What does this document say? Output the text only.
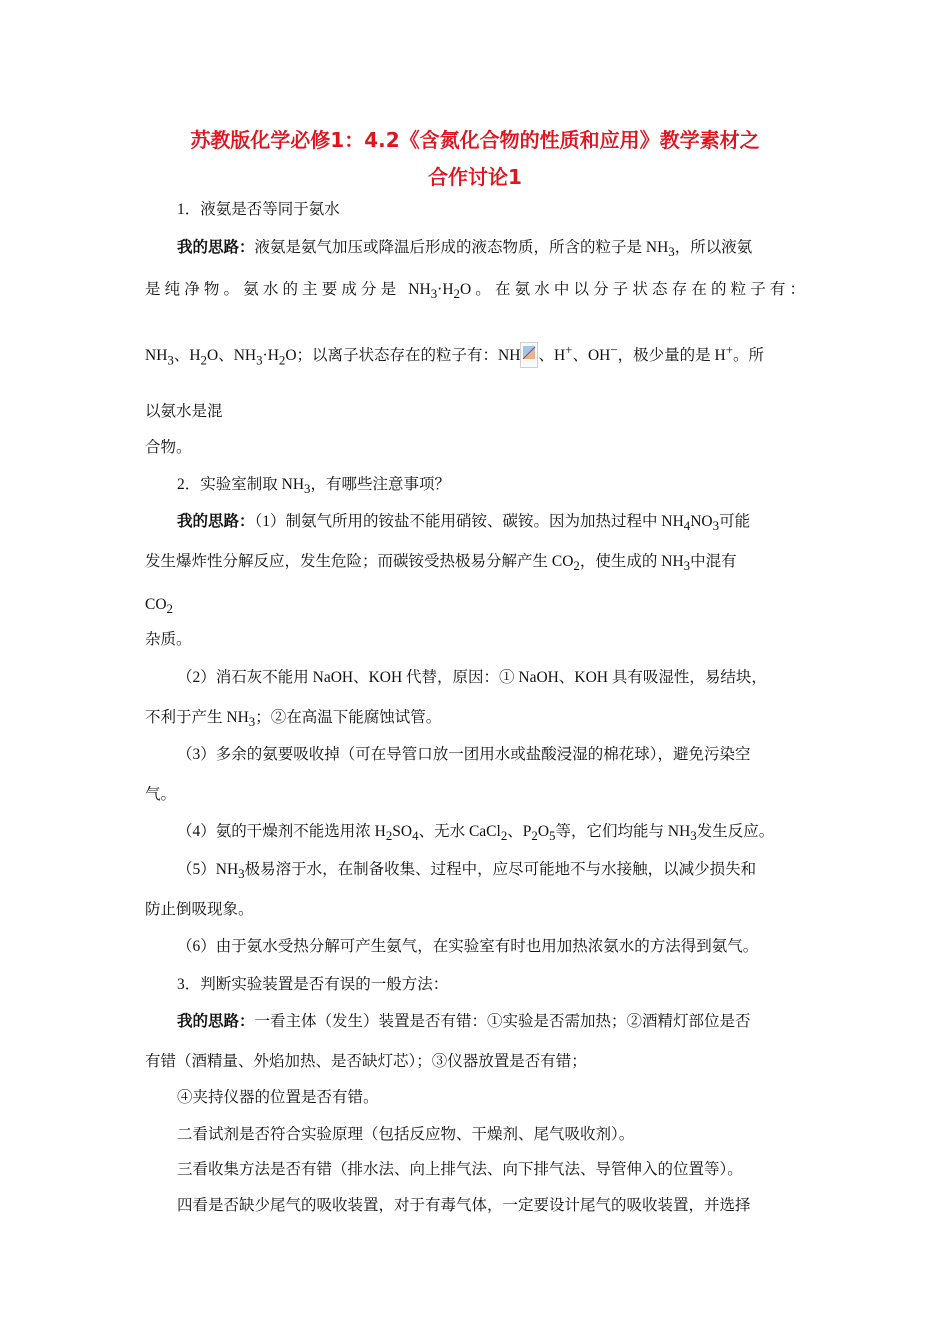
苏教版化学必修1：4.2《含氮化合物的性质和应用》教学素材之
合作讨论1
1．液氨是否等同于氨水
我的思路：液氨是氨气加压或降温后形成的液态物质，所含的粒子是 $NH_3$，所以液氨
是纯净物。氨水的主要成分是 $NH_3\cdot H_2O$。在氨水中以分子状态存在的粒子有：
$NH_3$、$H_2O$、$NH_3\cdot H_2O$；以离子状态存在的粒子有：NH 、H+、OH−，极少量的是 H+。所
以氨水是混
合物。
2．实验室制取 $NH_3$，有哪些注意事项？
我的思路：（1）制氨气所用的铵盐不能用硝铵、碳铵。因为加热过程中 $NH_4NO_3$可能
发生爆炸性分解反应，发生危险；而碳铵受热极易分解产生 $CO_2$，使生成的 $NH_3$中混有
$CO_2$
杂质。
（2）消石灰不能用 NaOH、KOH 代替，原因：① NaOH、KOH 具有吸湿性，易结块，
不利于产生 $NH_3$；②在高温下能腐蚀试管。
（3）多余的氨要吸收掉（可在导管口放一团用水或盐酸浸湿的棉花球），避免污染空
气。
（4）氨的干燥剂不能选用浓 $H_2SO_4$、无水 CaCl$_2$、$P_2O_5$等，它们均能与 $NH_3$发生反应。
$(5)NH_3$极易溶于水，在制备收集、过程中，应尽可能地不与水接触，以减少损失和
防止倒吸现象。
（6）由于氨水受热分解可产生氨气，在实验室有时也用加热浓氨水的方法得到氨气。
3．判断实验装置是否有误的一般方法：
我的思路：一看主体（发生）装置是否有错：①实验是否需加热；②酒精灯部位是否
有错（酒精量、外焰加热、是否缺灯芯）；③仪器放置是否有错；
④夹持仪器的位置是否有错。
二看试剂是否符合实验原理（包括反应物、干燥剂、尾气吸收剂）。
三看收集方法是否有错（排水法、向上排气法、向下排气法、导管伸入的位置等）。
四看是否缺少尾气的吸收装置，对于有毒气体，一定要设计尾气的吸收装置，并选择
